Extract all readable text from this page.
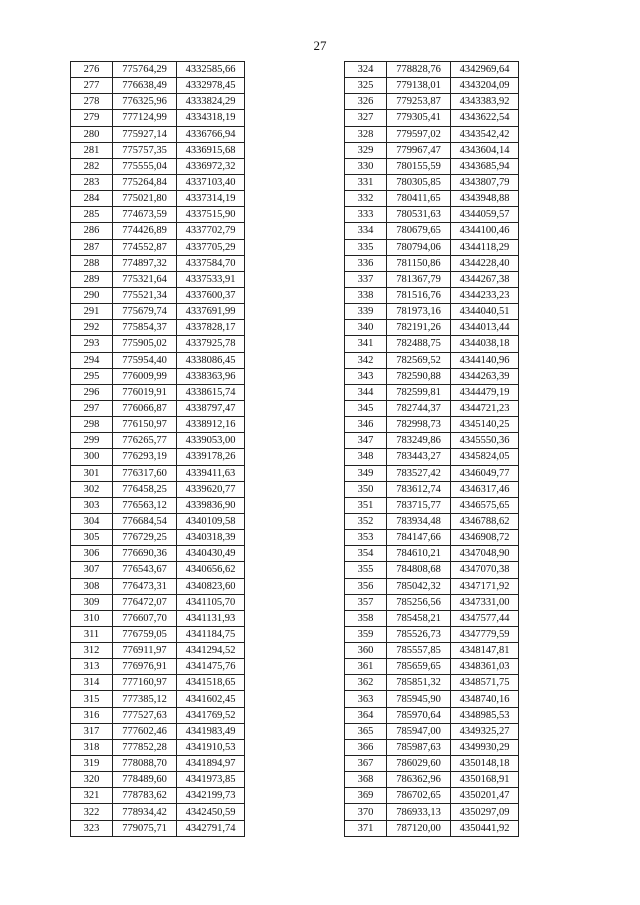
27
276	775764,29	4332585,66
277	776638,49	4332978,45
278	776325,96	4333824,29
279	777124,99	4334318,19
280	775927,14	4336766,94
281	775757,35	4336915,68
282	775555,04	4336972,32
283	775264,84	4337103,40
284	775021,80	4337314,19
285	774673,59	4337515,90
286	774426,89	4337702,79
287	774552,87	4337705,29
288	774897,32	4337584,70
289	775321,64	4337533,91
290	775521,34	4337600,37
291	775679,74	4337691,99
292	775854,37	4337828,17
293	775905,02	4337925,78
294	775954,40	4338086,45
295	776009,99	4338363,96
296	776019,91	4338615,74
297	776066,87	4338797,47
298	776150,97	4338912,16
299	776265,77	4339053,00
300	776293,19	4339178,26
301	776317,60	4339411,63
302	776458,25	4339620,77
303	776563,12	4339836,90
304	776684,54	4340109,58
305	776729,25	4340318,39
306	776690,36	4340430,49
307	776543,67	4340656,62
308	776473,31	4340823,60
309	776472,07	4341105,70
310	776607,70	4341131,93
311	776759,05	4341184,75
312	776911,97	4341294,52
313	776976,91	4341475,76
314	777160,97	4341518,65
315	777385,12	4341602,45
316	777527,63	4341769,52
317	777602,46	4341983,49
318	777852,28	4341910,53
319	778088,70	4341894,97
320	778489,60	4341973,85
321	778783,62	4342199,73
322	778934,42	4342450,59
323	779075,71	4342791,74
324	778828,76	4342969,64
325	779138,01	4343204,09
326	779253,87	4343383,92
327	779305,41	4343622,54
328	779597,02	4343542,42
329	779967,47	4343604,14
330	780155,59	4343685,94
331	780305,85	4343807,79
332	780411,65	4343948,88
333	780531,63	4344059,57
334	780679,65	4344100,46
335	780794,06	4344118,29
336	781150,86	4344228,40
337	781367,79	4344267,38
338	781516,76	4344233,23
339	781973,16	4344040,51
340	782191,26	4344013,44
341	782488,75	4344038,18
342	782569,52	4344140,96
343	782590,88	4344263,39
344	782599,81	4344479,19
345	782744,37	4344721,23
346	782998,73	4345140,25
347	783249,86	4345550,36
348	783443,27	4345824,05
349	783527,42	4346049,77
350	783612,74	4346317,46
351	783715,77	4346575,65
352	783934,48	4346788,62
353	784147,66	4346908,72
354	784610,21	4347048,90
355	784808,68	4347070,38
356	785042,32	4347171,92
357	785256,56	4347331,00
358	785458,21	4347577,44
359	785526,73	4347779,59
360	785557,85	4348147,81
361	785659,65	4348361,03
362	785851,32	4348571,75
363	785945,90	4348740,16
364	785970,64	4348985,53
365	785947,00	4349325,27
366	785987,63	4349930,29
367	786029,60	4350148,18
368	786362,96	4350168,91
369	786702,65	4350201,47
370	786933,13	4350297,09
371	787120,00	4350441,92
